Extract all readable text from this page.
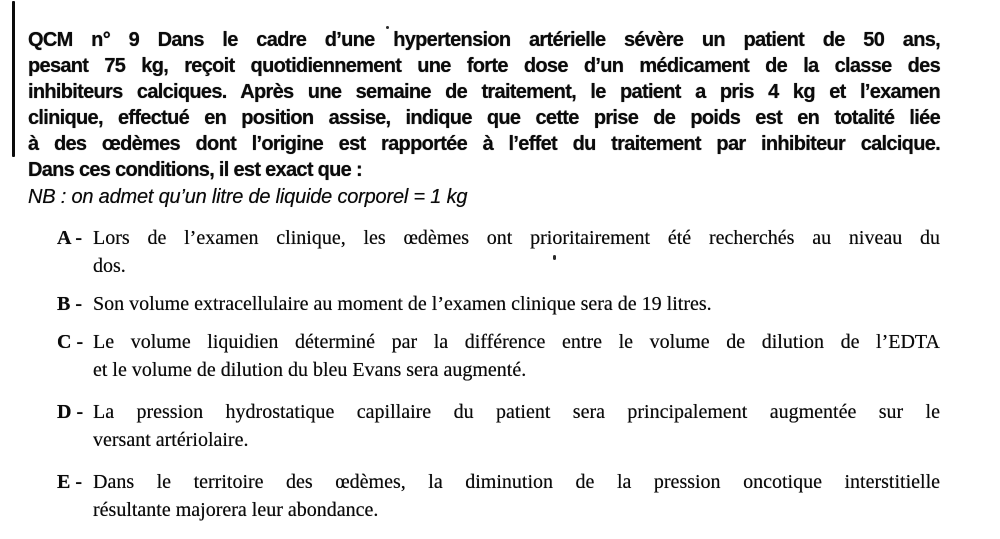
QCM n° 9 Dans le cadre d’une hypertension artérielle sévère un patient de 50 ans,
pesant 75 kg, reçoit quotidiennement une forte dose d’un médicament de la classe des
inhibiteurs calciques. Après une semaine de traitement, le patient a pris 4 kg et l’examen
clinique, effectué en position assise, indique que cette prise de poids est en totalité liée
à des œdèmes dont l’origine est rapportée à l’effet du traitement par inhibiteur calcique.
Dans ces conditions, il est exact que :
NB : on admet qu’un litre de liquide corporel = 1 kg
A - Lors de l’examen clinique, les œdèmes ont prioritairement été recherchés au niveau du
dos.
B - Son volume extracellulaire au moment de l’examen clinique sera de 19 litres.
C - Le volume liquidien déterminé par la différence entre le volume de dilution de l’EDTA
et le volume de dilution du bleu Evans sera augmenté.
D - La pression hydrostatique capillaire du patient sera principalement augmentée sur le
versant artériolaire.
E - Dans le territoire des œdèmes, la diminution de la pression oncotique interstitielle
résultante majorera leur abondance.
